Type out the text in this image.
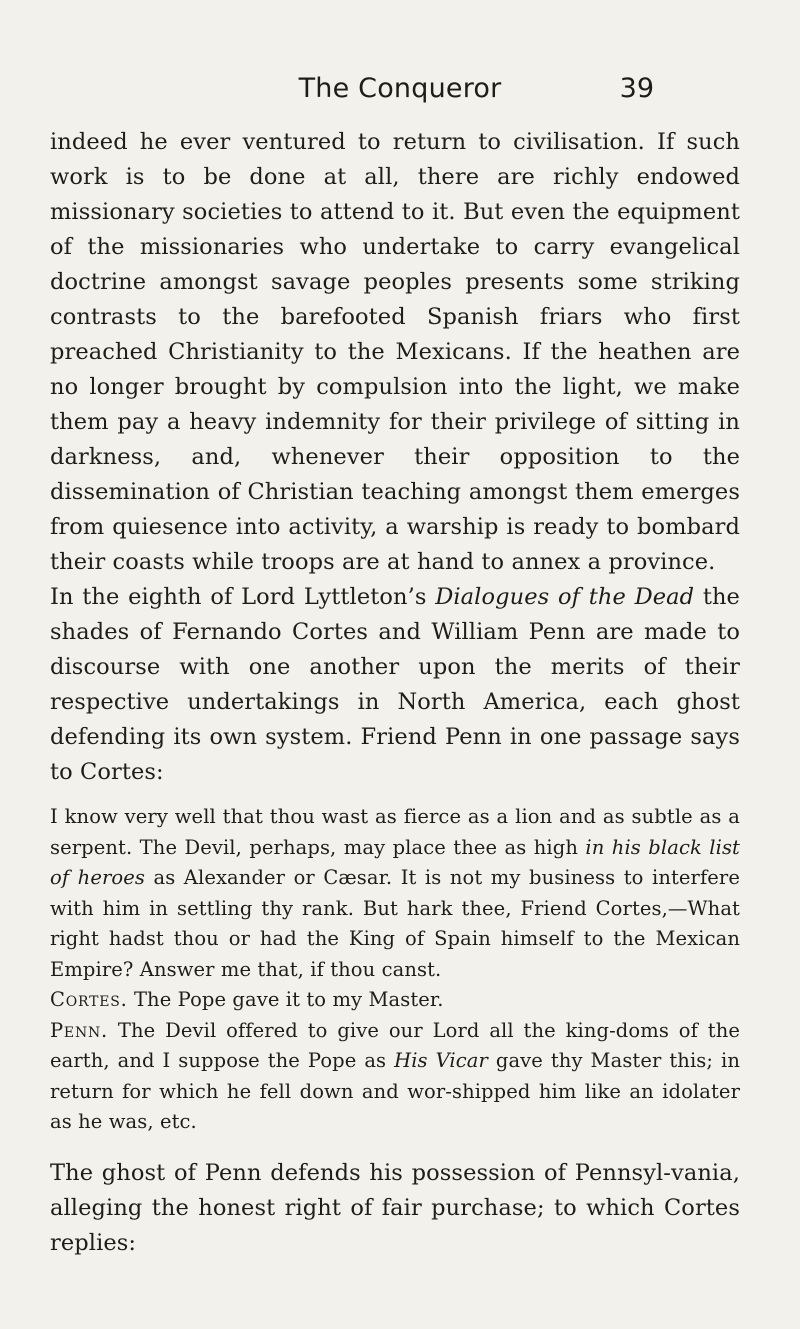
The Conqueror	39

indeed he ever ventured to return to civilisation. If such work is to be done at all, there are richly endowed missionary societies to attend to it. But even the equipment of the missionaries who undertake to carry evangelical doctrine amongst savage peoples presents some striking contrasts to the barefooted Spanish friars who first preached Christianity to the Mexicans. If the heathen are no longer brought by compulsion into the light, we make them pay a heavy indemnity for their privilege of sitting in darkness, and, whenever their opposition to the dissemination of Christian teaching amongst them emerges from quiesence into activity, a warship is ready to bombard their coasts while troops are at hand to annex a province.

In the eighth of Lord Lyttleton’s Dialogues of the Dead the shades of Fernando Cortes and William Penn are made to discourse with one another upon the merits of their respective undertakings in North America, each ghost defending its own system. Friend Penn in one passage says to Cortes:

I know very well that thou wast as fierce as a lion and as subtle as a serpent. The Devil, perhaps, may place thee as high in his black list of heroes as Alexander or Cæsar. It is not my business to interfere with him in settling thy rank. But hark thee, Friend Cortes,—What right hadst thou or had the King of Spain himself to the Mexican Empire? Answer me that, if thou canst.

Cortes. The Pope gave it to my Master.

Penn. The Devil offered to give our Lord all the king-doms of the earth, and I suppose the Pope as His Vicar gave thy Master this; in return for which he fell down and wor-shipped him like an idolater as he was, etc.

The ghost of Penn defends his possession of Pennsyl-vania, alleging the honest right of fair purchase; to which Cortes replies:
